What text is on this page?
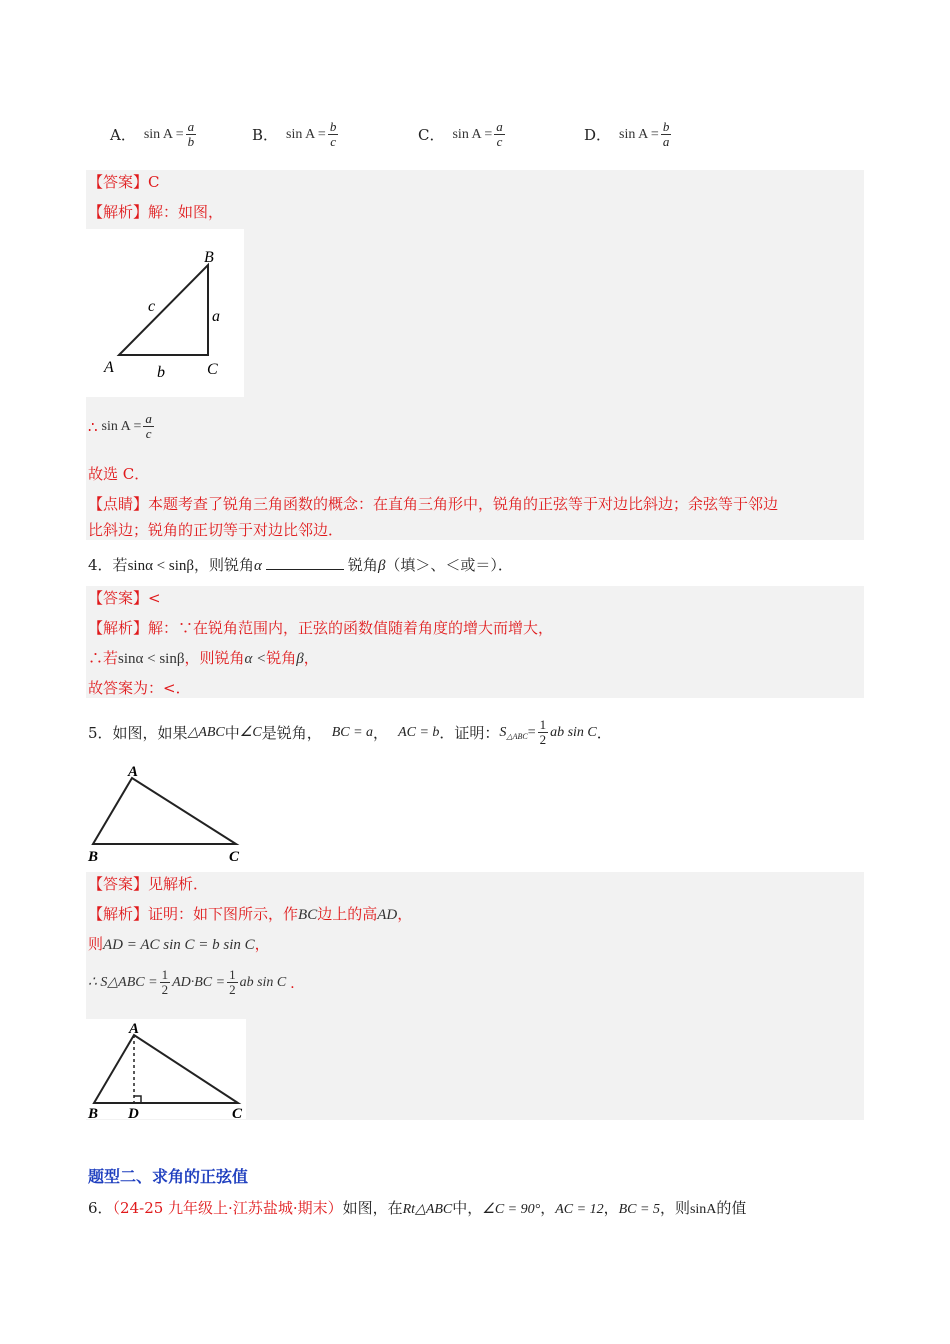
A． $\sin A = \frac{a}{b}$	B． $\sin A = \frac{b}{c}$	C． $\sin A = \frac{a}{c}$	D． $\sin A = \frac{b}{a}$
【答案】C
【解析】解：如图，
B
A	C
c
a
b
∴ $\sin A = \frac{a}{c}$
故选 C．
【点睛】本题考查了锐角三角函数的概念：在直角三角形中，锐角的正弦等于对边比斜边；余弦等于邻边
比斜边；锐角的正切等于对边比邻边．
4．若sinα < sinβ，则锐角α	锐角β（填＞、＜或＝）．
【答案】<
【解析】解：∵在锐角范围内，正弦的函数值随着角度的增大而增大，
∴若sinα < sinβ，则锐角α <锐角β，
故答案为：<．
5． 如图，如果 △ABC 中 ∠C 是锐角， BC = a ， AC = b ．证明： S △ABC = $\frac{1}{2}$ ab sin C ．
A
B	C
【答案】见解析．
【解析】证明：如下图所示，作BC边上的高AD，
则AD = AC sin C = b sin C，
∴ S△ABC = $\frac{1}{2} AD\cdot BC = \frac{1}{2}$ ab sin C ．
A
B D	C
题型二、求角的正弦值
6．（24-25 九年级上·江苏盐城·期末）如图，在Rt△ABC中，∠C = 90°，AC = 12，BC = 5，则sinA的值
